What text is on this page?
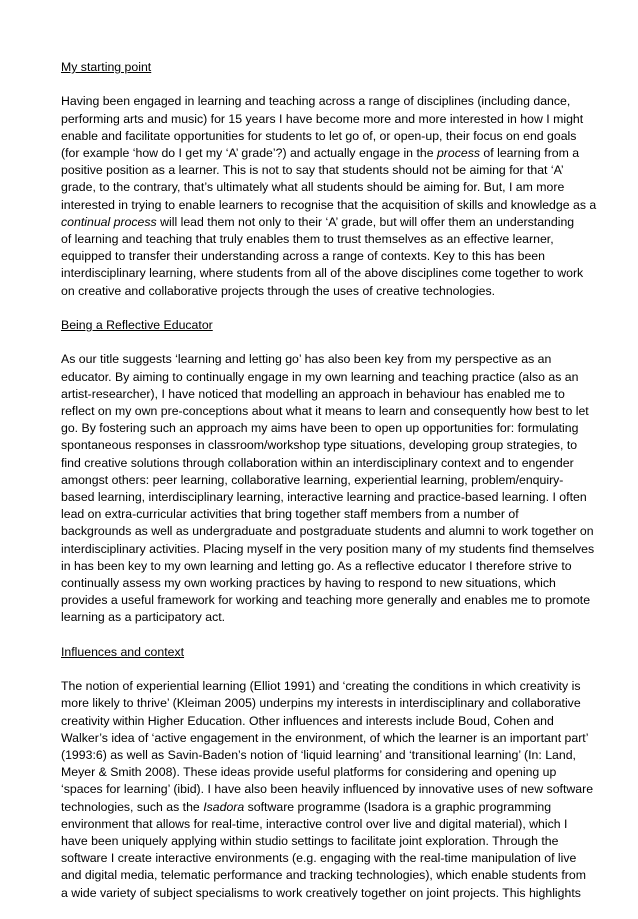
My starting point
Having been engaged in learning and teaching across a range of disciplines (including dance,
performing arts and music) for 15 years I have become more and more interested in how I might
enable and facilitate opportunities for students to let go of, or open-up, their focus on end goals
(for example ‘how do I get my ‘A’ grade’?) and actually engage in the process of learning from a
positive position as a learner. This is not to say that students should not be aiming for that ‘A’
grade, to the contrary, that’s ultimately what all students should be aiming for. But, I am more
interested in trying to enable learners to recognise that the acquisition of skills and knowledge as a
continual process will lead them not only to their ‘A’ grade, but will offer them an understanding
of learning and teaching that truly enables them to trust themselves as an effective learner,
equipped to transfer their understanding across a range of contexts. Key to this has been
interdisciplinary learning, where students from all of the above disciplines come together to work
on creative and collaborative projects through the uses of creative technologies.
Being a Reflective Educator
As our title suggests ‘learning and letting go’ has also been key from my perspective as an
educator. By aiming to continually engage in my own learning and teaching practice (also as an
artist-researcher), I have noticed that modelling an approach in behaviour has enabled me to
reflect on my own pre-conceptions about what it means to learn and consequently how best to let
go. By fostering such an approach my aims have been to open up opportunities for: formulating
spontaneous responses in classroom/workshop type situations, developing group strategies, to
find creative solutions through collaboration within an interdisciplinary context and to engender
amongst others: peer learning, collaborative learning, experiential learning, problem/enquiry-
based learning, interdisciplinary learning, interactive learning and practice-based learning. I often
lead on extra-curricular activities that bring together staff members from a number of
backgrounds as well as undergraduate and postgraduate students and alumni to work together on
interdisciplinary activities. Placing myself in the very position many of my students find themselves
in has been key to my own learning and letting go. As a reflective educator I therefore strive to
continually assess my own working practices by having to respond to new situations, which
provides a useful framework for working and teaching more generally and enables me to promote
learning as a participatory act.
Influences and context
The notion of experiential learning (Elliot 1991) and ‘creating the conditions in which creativity is
more likely to thrive’ (Kleiman 2005) underpins my interests in interdisciplinary and collaborative
creativity within Higher Education. Other influences and interests include Boud, Cohen and
Walker’s idea of ‘active engagement in the environment, of which the learner is an important part’
(1993:6) as well as Savin-Baden’s notion of ‘liquid learning’ and ‘transitional learning’ (In: Land,
Meyer & Smith 2008). These ideas provide useful platforms for considering and opening up
‘spaces for learning’ (ibid). I have also been heavily influenced by innovative uses of new software
technologies, such as the Isadora software programme (Isadora is a graphic programming
environment that allows for real-time, interactive control over live and digital material), which I
have been uniquely applying within studio settings to facilitate joint exploration. Through the
software I create interactive environments (e.g. engaging with the real-time manipulation of live
and digital media, telematic performance and tracking technologies), which enable students from
a wide variety of subject specialisms to work creatively together on joint projects. This highlights
